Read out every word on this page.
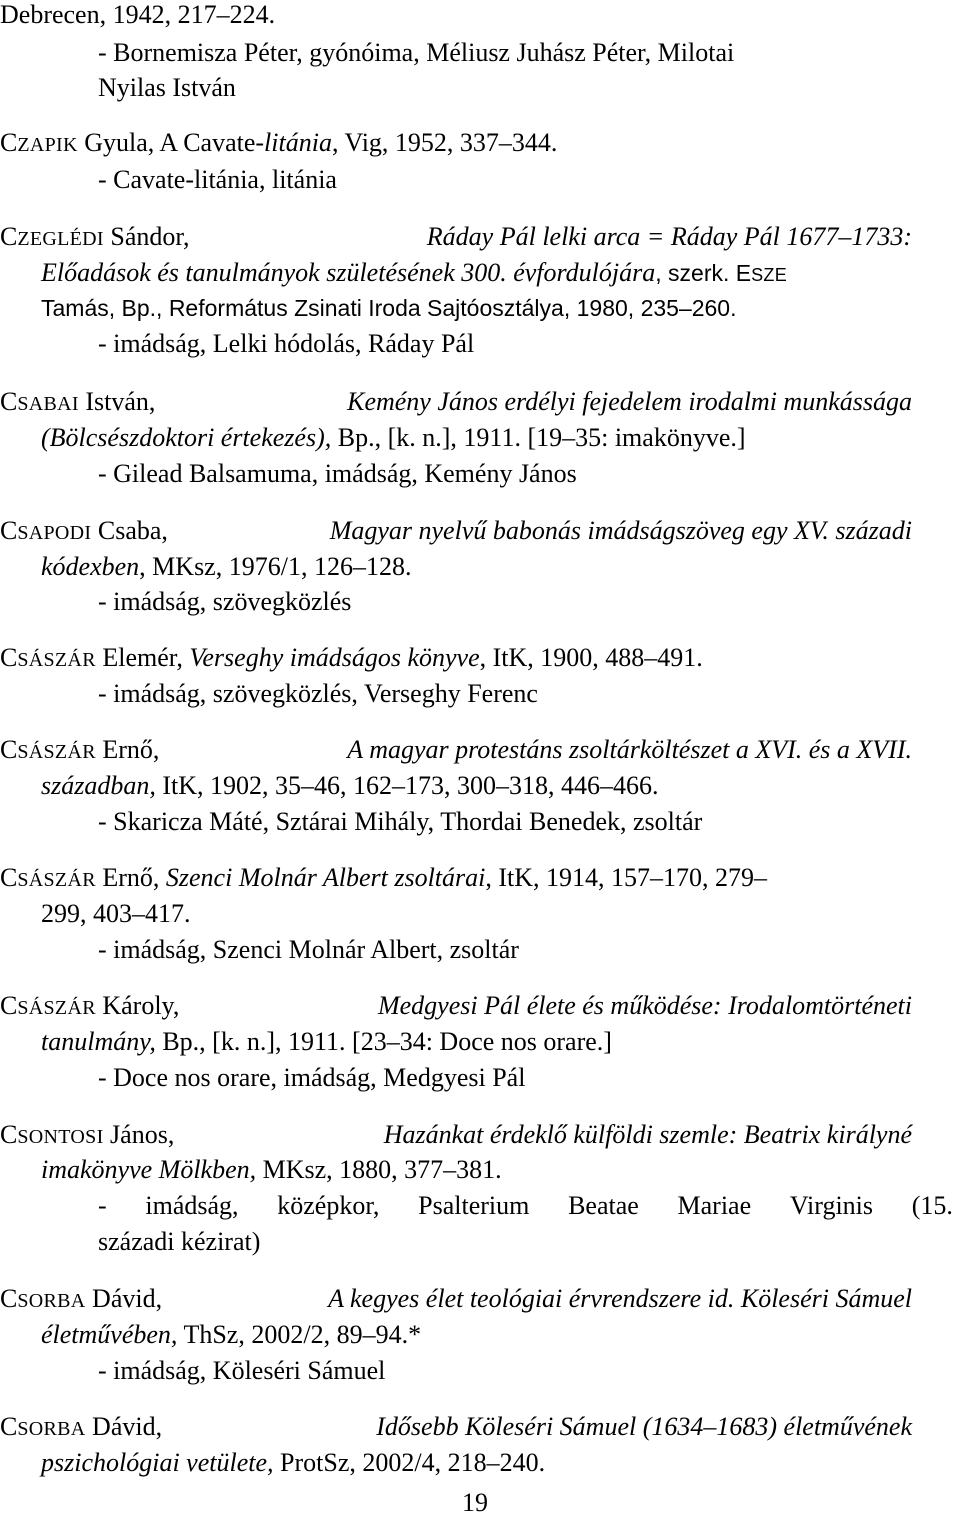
Debrecen, 1942, 217–224.
- Bornemisza Péter, gyónóima, Méliusz Juhász Péter, Milotai
Nyilas István
CZAPIK Gyula, A Cavate-litánia, Vig, 1952, 337–344.
- Cavate-litánia, litánia
CZEGLÉDI Sándor,	Ráday Pál lelki arca = Ráday Pál 1677–1733:
Előadások és tanulmányok születésének 300. évfordulójára, szerk. ESZE
Tamás, Bp., Református Zsinati Iroda Sajtóosztálya, 1980, 235–260.
- imádság, Lelki hódolás, Ráday Pál
CSABAI István,	Kemény János erdélyi fejedelem irodalmi munkássága
(Bölcsészdoktori értekezés), Bp., [k. n.], 1911. [19–35: imakönyve.]
- Gilead Balsamuma, imádság, Kemény János
CSAPODI Csaba,	Magyar nyelvű babonás imádságszöveg egy XV. századi
kódexben, MKsz, 1976/1, 126–128.
- imádság, szövegközlés
CSÁSZÁR Elemér, Verseghy imádságos könyve, ItK, 1900, 488–491.
- imádság, szövegközlés, Verseghy Ferenc
CSÁSZÁR Ernő,	A magyar protestáns zsoltárköltészet a XVI. és a XVII.
században, ItK, 1902, 35–46, 162–173, 300–318, 446–466.
- Skaricza Máté, Sztárai Mihály, Thordai Benedek, zsoltár
CSÁSZÁR Ernő, Szenci Molnár Albert zsoltárai, ItK, 1914, 157–170, 279–
299, 403–417.
- imádság, Szenci Molnár Albert, zsoltár
CSÁSZÁR Károly,	Medgyesi Pál élete és működése: Irodalomtörténeti
tanulmány, Bp., [k. n.], 1911. [23–34: Doce nos orare.]
- Doce nos orare, imádság, Medgyesi Pál
CSONTOSI János,	Hazánkat érdeklő külföldi szemle: Beatrix királyné
imakönyve Mölkben, MKsz, 1880, 377–381.
- imádság, középkor, Psalterium Beatae Mariae Virginis (15.
századi kézirat)
CSORBA Dávid,	A kegyes élet teológiai érvrendszere id. Köleséri Sámuel
életművében, ThSz, 2002/2, 89–94.*
- imádság, Köleséri Sámuel
CSORBA Dávid,	Idősebb Köleséri Sámuel (1634–1683) életművének
pszichológiai vetülete, ProtSz, 2002/4, 218–240.
19
